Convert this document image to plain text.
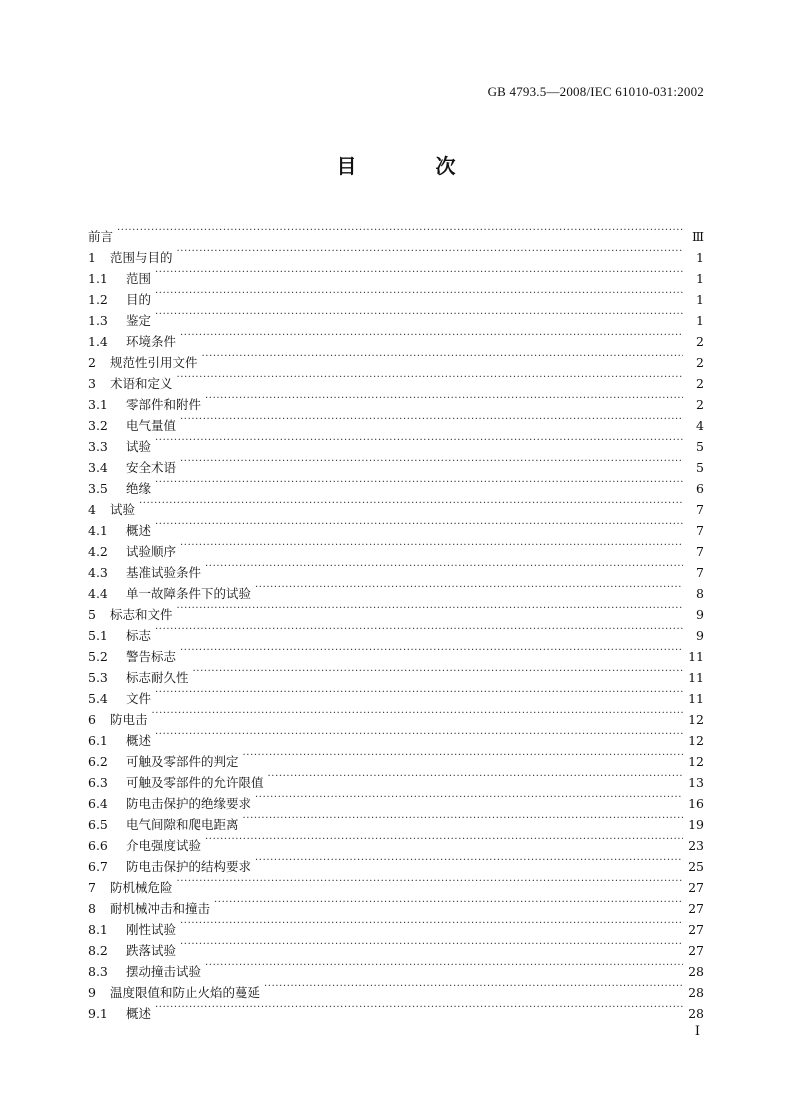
GB 4793.5—2008/IEC 61010-031:2002
目 次
前言 ·····	Ⅲ
1	范围与目的 ·····	1
1.1	范围 ·····	1
1.2	目的 ·····	1
1.3	鉴定 ·····	1
1.4	环境条件 ·····	2
2	规范性引用文件 ·····	2
3	术语和定义 ·····	2
3.1	零部件和附件 ·····	2
3.2	电气量值 ·····	4
3.3	试验 ·····	5
3.4	安全术语 ·····	5
3.5	绝缘 ·····	6
4	试验 ·····	7
4.1	概述 ·····	7
4.2	试验顺序 ·····	7
4.3	基准试验条件 ·····	7
4.4	单一故障条件下的试验 ·····	8
5	标志和文件 ·····	9
5.1	标志 ·····	9
5.2	警告标志 ·····	11
5.3	标志耐久性 ·····	11
5.4	文件 ·····	11
6	防电击 ·····	12
6.1	概述 ·····	12
6.2	可触及零部件的判定 ·····	12
6.3	可触及零部件的允许限值 ·····	13
6.4	防电击保护的绝缘要求 ·····	16
6.5	电气间隙和爬电距离 ·····	19
6.6	介电强度试验 ·····	23
6.7	防电击保护的结构要求 ·····	25
7	防机械危险 ·····	27
8	耐机械冲击和撞击 ·····	27
8.1	刚性试验 ·····	27
8.2	跌落试验 ·····	27
8.3	摆动撞击试验 ·····	28
9	温度限值和防止火焰的蔓延 ·····	28
9.1	概述 ·····	28
I
